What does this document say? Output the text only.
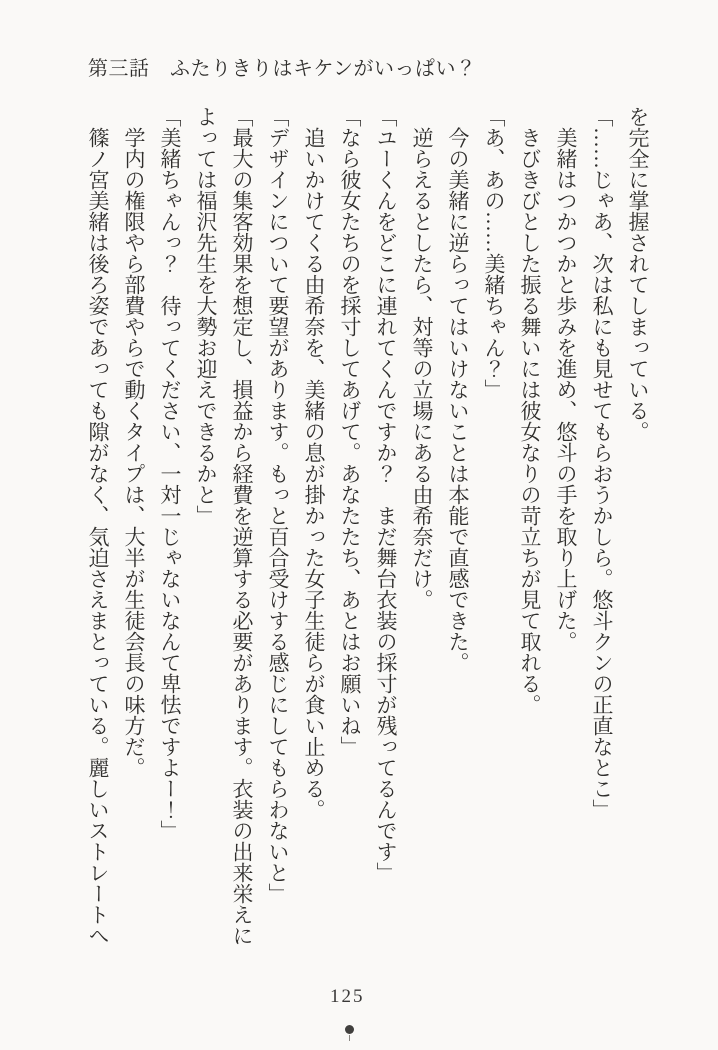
第三話　ふたりきりはキケンがいっぱい？

を完全に掌握されてしまっている。

「……じゃあ、次は私にも見せてもらおうかしら。悠斗クンの正直なとこ」

美緒はつかつかと歩みを進め、悠斗の手を取り上げた。

きびきびとした振る舞いには彼女なりの苛立ちが見て取れる。

「あ、あの……美緒ちゃん？」

今の美緒に逆らってはいけないことは本能で直感できた。

逆らえるとしたら、対等の立場にある由希奈だけ。

「ユーくんをどこに連れてくんですか？　まだ舞台衣装の採寸が残ってるんです」

「なら彼女たちのを採寸してあげて。あなたたち、あとはお願いね」

追いかけてくる由希奈を、美緒の息が掛かった女子生徒らが食い止める。

「デザインについて要望があります。もっと百合受けする感じにしてもらわないと」

「最大の集客効果を想定し、損益から経費を逆算する必要があります。衣装の出来栄えによっては福沢先生を大勢お迎えできるかと」

「美緒ちゃんっ？　待ってください、一対一じゃないなんて卑怯ですよー！」

学内の権限やら部費やらで動くタイプは、大半が生徒会長の味方だ。

篠ノ宮美緒は後ろ姿であっても隙がなく、気迫さえまとっている。麗しいストレートへ

125
